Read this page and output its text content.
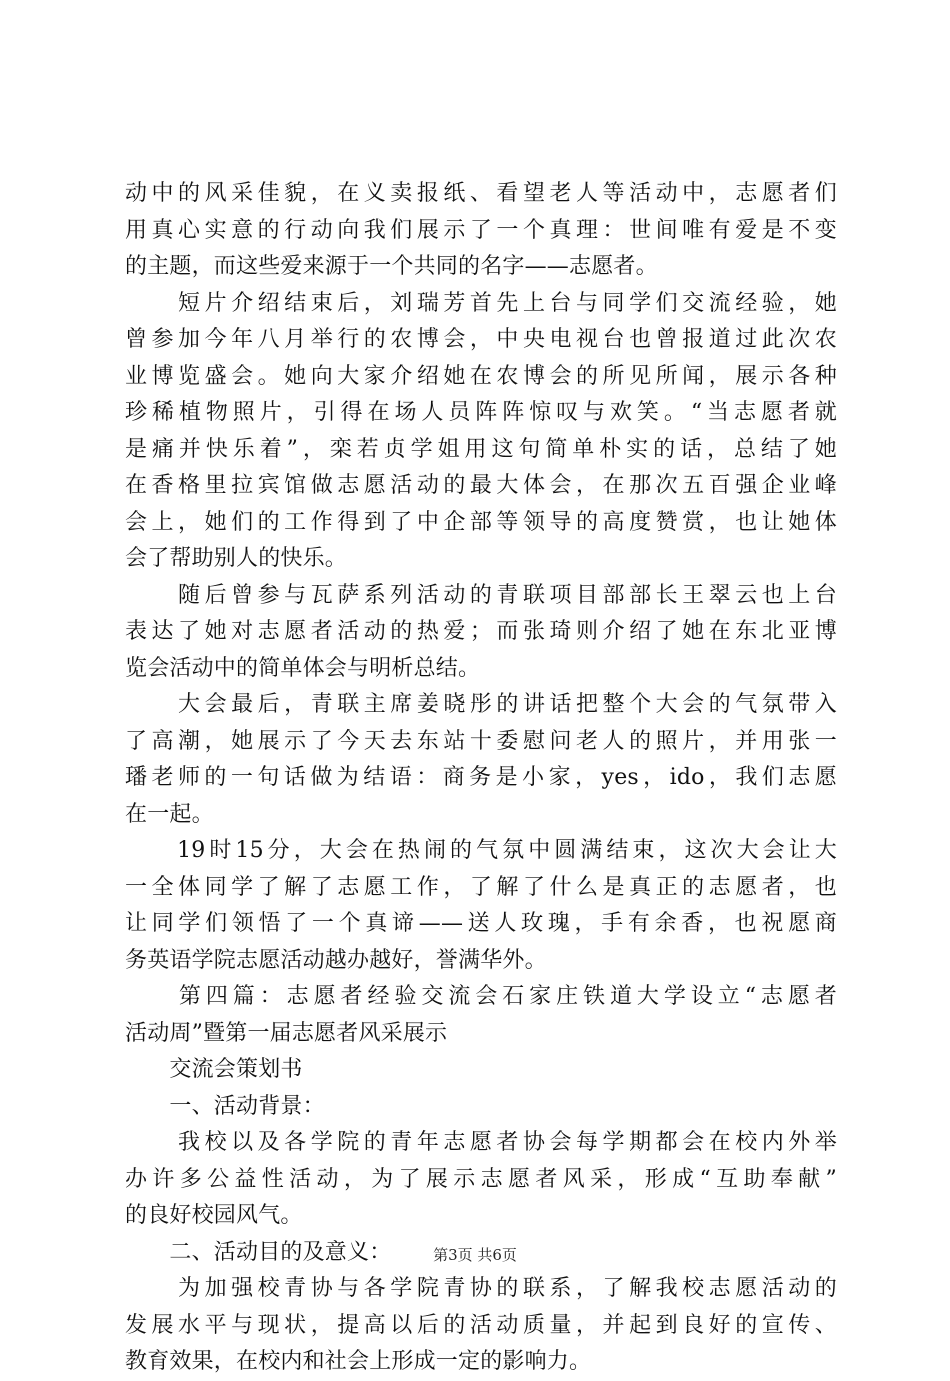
动中的风采佳貌，在义卖报纸、看望老人等活动中，志愿者们
用真心实意的行动向我们展示了一个真理：世间唯有爱是不变
的主题，而这些爱来源于一个共同的名字——志愿者。
　　短片介绍结束后，刘瑞芳首先上台与同学们交流经验，她
曾参加今年八月举行的农博会，中央电视台也曾报道过此次农
业博览盛会。她向大家介绍她在农博会的所见所闻，展示各种
珍稀植物照片，引得在场人员阵阵惊叹与欢笑。“当志愿者就
是痛并快乐着”，栾若贞学姐用这句简单朴实的话，总结了她
在香格里拉宾馆做志愿活动的最大体会，在那次五百强企业峰
会上，她们的工作得到了中企部等领导的高度赞赏，也让她体
会了帮助别人的快乐。
　　随后曾参与瓦萨系列活动的青联项目部部长王翠云也上台
表达了她对志愿者活动的热爱；而张琦则介绍了她在东北亚博
览会活动中的简单体会与明析总结。
　　大会最后，青联主席姜晓彤的讲话把整个大会的气氛带入
了高潮，她展示了今天去东站十委慰问老人的照片，并用张一
璠老师的一句话做为结语：商务是小家，yes，ido，我们志愿
在一起。
　　19时15分，大会在热闹的气氛中圆满结束，这次大会让大
一全体同学了解了志愿工作，了解了什么是真正的志愿者，也
让同学们领悟了一个真谛——送人玫瑰，手有余香，也祝愿商
务英语学院志愿活动越办越好，誉满华外。
　　第四篇：志愿者经验交流会石家庄铁道大学设立“志愿者
活动周”暨第一届志愿者风采展示
　　交流会策划书
　　一、活动背景：
　　我校以及各学院的青年志愿者协会每学期都会在校内外举
办许多公益性活动，为了展示志愿者风采，形成“互助奉献”
的良好校园风气。
　　二、活动目的及意义：
　　为加强校青协与各学院青协的联系，了解我校志愿活动的
发展水平与现状，提高以后的活动质量，并起到良好的宣传、
教育效果，在校内和社会上形成一定的影响力。
第3页 共6页
